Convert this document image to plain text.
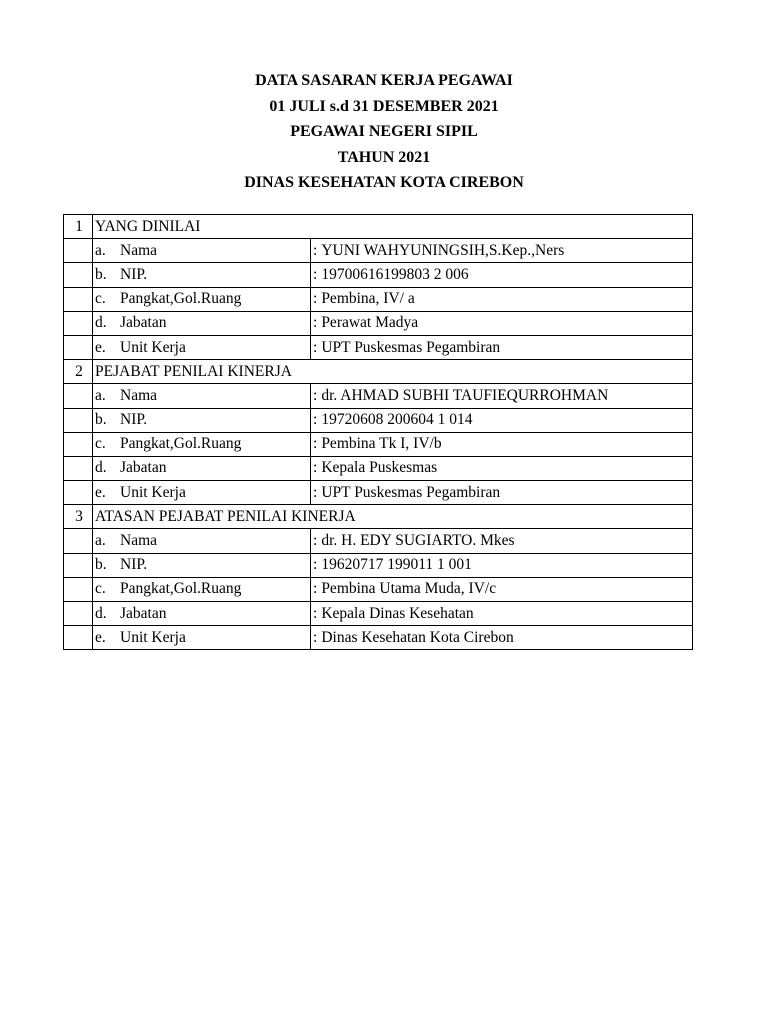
DATA SASARAN KERJA PEGAWAI
01 JULI s.d 31 DESEMBER 2021
PEGAWAI NEGERI SIPIL
TAHUN 2021
DINAS KESEHATAN KOTA CIREBON
1	YANG DINILAI	
	a. Nama	: YUNI WAHYUNINGSIH,S.Kep.,Ners
	b. NIP.	: 19700616199803 2 006
	c. Pangkat,Gol.Ruang	: Pembina, IV/ a
	d. Jabatan	: Perawat Madya
	e. Unit Kerja	: UPT Puskesmas Pegambiran
2	PEJABAT PENILAI KINERJA	
	a. Nama	: dr. AHMAD SUBHI TAUFIEQURROHMAN
	b. NIP.	: 19720608 200604 1 014
	c. Pangkat,Gol.Ruang	: Pembina Tk I, IV/b
	d. Jabatan	: Kepala Puskesmas
	e. Unit Kerja	: UPT Puskesmas Pegambiran
3	ATASAN PEJABAT PENILAI KINERJA	
	a. Nama	: dr. H. EDY SUGIARTO. Mkes
	b. NIP.	: 19620717 199011 1 001
	c. Pangkat,Gol.Ruang	: Pembina Utama Muda, IV/c
	d. Jabatan	: Kepala Dinas Kesehatan
	e. Unit Kerja	: Dinas Kesehatan Kota Cirebon
